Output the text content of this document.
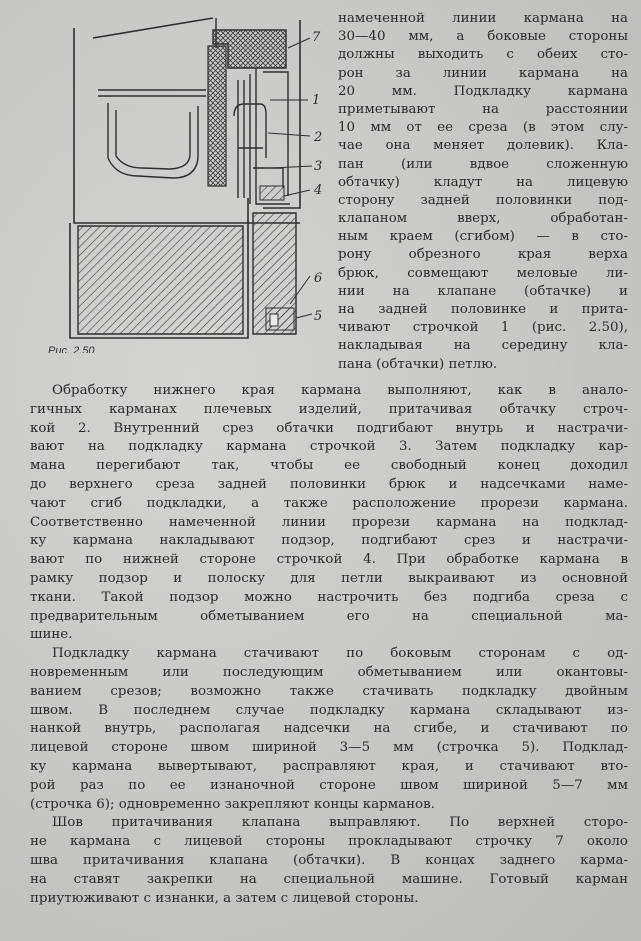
7
1
2
3
4
6
5
Рис. 2.50
намеченной линии кармана на
30—40 мм, а боковые стороны
должны выходить с обеих сто-
рон за линии кармана на
20 мм. Подкладку кармана
приметывают на расстоянии
10 мм от ее среза (в этом слу-
чае она меняет долевик). Кла-
пан (или вдвое сложенную
обтачку) кладут на лицевую
сторону задней половинки под-
клапаном вверх, обработан-
ным краем (сгибом) — в сто-
рону обрезного края верха
брюк, совмещают меловые ли-
нии на клапане (обтачке) и
на задней половинке и прита-
чивают строчкой 1 (рис. 2.50),
накладывая на середину кла-
пана (обтачки) петлю.
Обработку нижнего края кармана выполняют, как в анало-
гичных карманах плечевых изделий, притачивая обтачку строч-
кой 2. Внутренний срез обтачки подгибают внутрь и настрачи-
вают на подкладку кармана строчкой 3. Затем подкладку кар-
мана перегибают так, чтобы ее свободный конец доходил
до верхнего среза задней половинки брюк и надсечками наме-
чают сгиб подкладки, а также расположение прорези кармана.
Соответственно намеченной линии прорези кармана на подклад-
ку кармана накладывают подзор, подгибают срез и настрачи-
вают по нижней стороне строчкой 4. При обработке кармана в
рамку подзор и полоску для петли выкраивают из основной
ткани. Такой подзор можно настрочить без подгиба среза с
предварительным обметыванием его на специальной ма-
шине.
Подкладку кармана стачивают по боковым сторонам с од-
новременным или последующим обметыванием или окантовы-
ванием срезов; возможно также стачивать подкладку двойным
швом. В последнем случае подкладку кармана складывают из-
нанкой внутрь, располагая надсечки на сгибе, и стачивают по
лицевой стороне швом шириной 3—5 мм (строчка 5). Подклад-
ку кармана вывертывают, расправляют края, и стачивают вто-
рой раз по ее изнаночной стороне швом шириной 5—7 мм
(строчка 6); одновременно закрепляют концы карманов.
Шов притачивания клапана выправляют. По верхней сторо-
не кармана с лицевой стороны прокладывают строчку 7 около
шва притачивания клапана (обтачки). В концах заднего карма-
на ставят закрепки на специальной машине. Готовый карман
приутюживают с изнанки, а затем с лицевой стороны.
